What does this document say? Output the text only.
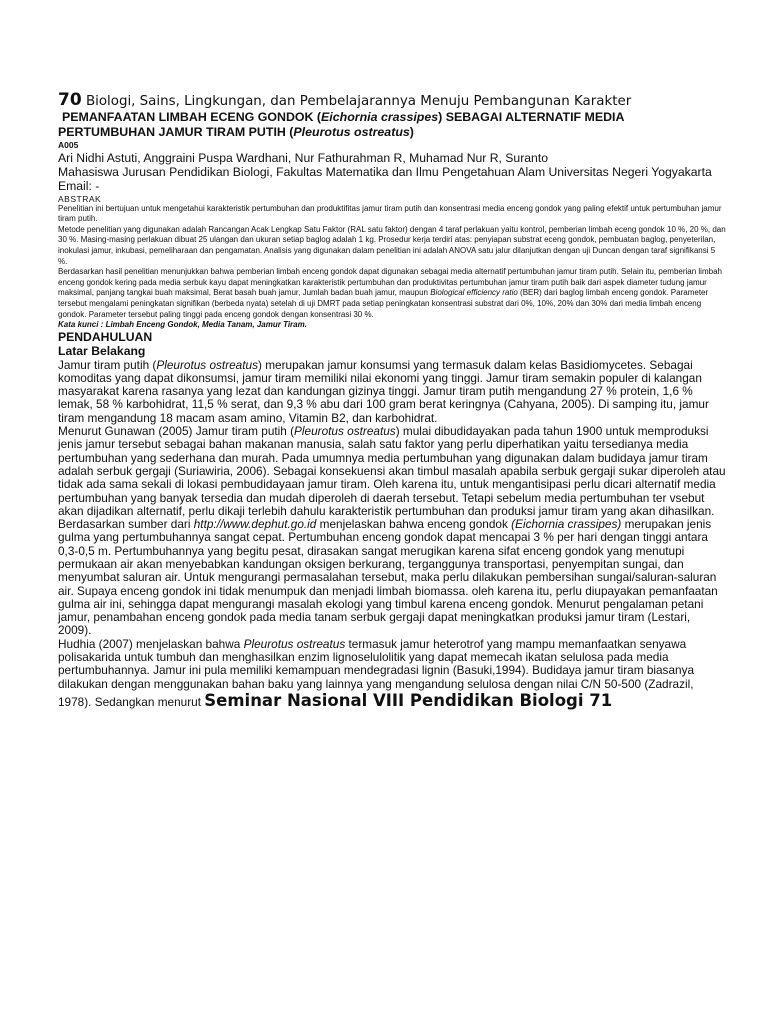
70 Biologi, Sains, Lingkungan, dan Pembelajarannya Menuju Pembangunan Karakter

PEMANFAATAN LIMBAH ECENG GONDOK (Eichornia crassipes) SEBAGAI ALTERNATIF MEDIA

PERTUMBUHAN JAMUR TIRAM PUTIH (Pleurotus ostreatus)

A005

Ari Nidhi Astuti, Anggraini Puspa Wardhani, Nur Fathurahman R, Muhamad Nur R, Suranto

Mahasiswa Jurusan Pendidikan Biologi, Fakultas Matematika dan Ilmu Pengetahuan Alam Universitas Negeri Yogyakarta

Email: -

ABSTRAK

Penelitian ini bertujuan untuk mengetahui karakteristik pertumbuhan dan produktifitas jamur tiram putih dan konsentrasi media enceng gondok yang paling efektif untuk pertumbuhan jamur tiram putih.

Metode penelitian yang digunakan adalah Rancangan Acak Lengkap Satu Faktor (RAL satu faktor) dengan 4 taraf perlakuan yaitu kontrol, pemberian limbah eceng gondok 10 %, 20 %, dan 30 %. Masing-masing perlakuan dibuat 25 ulangan dan ukuran setiap baglog adalah 1 kg. Prosedur kerja terdiri atas: penyiapan substrat eceng gondok, pembuatan baglog, penyeterilan, inokulasi jamur, inkubasi, pemeliharaan dan pengamatan. Analisis yang digunakan dalam penelitian ini adalah ANOVA satu jalur dilanjutkan dengan uji Duncan dengan taraf signifikansi 5 %.

Berdasarkan hasil penelitian menunjukkan bahwa pemberian limbah enceng gondok dapat digunakan sebagai media alternatif pertumbuhan jamur tiram putih. Selain itu, pemberian limbah enceng gondok kering pada media serbuk kayu dapat meningkatkan karakteristik pertumbuhan dan produktivitas pertumbuhan jamur tiram putih baik dari aspek diameter tudung jamur maksimal, panjang tangkai buah maksimal, Berat basah buah jamur, Jumlah badan buah jamur, maupun Biological efficiency ratio (BER) dari baglog limbah enceng gondok. Parameter tersebut mengalami peningkatan signifikan (berbeda nyata) setelah di uji DMRT pada setiap peningkatan konsentrasi substrat dari 0%, 10%, 20% dan 30% dari media limbah enceng gondok. Parameter tersebut paling tinggi pada enceng gondok dengan konsentrasi 30 %.

Kata kunci : Limbah Enceng Gondok, Media Tanam, Jamur Tiram.

PENDAHULUAN

Latar Belakang

Jamur tiram putih (Pleurotus ostreatus) merupakan jamur konsumsi yang termasuk dalam kelas Basidiomycetes. Sebagai komoditas yang dapat dikonsumsi, jamur tiram memiliki nilai ekonomi yang tinggi. Jamur tiram semakin populer di kalangan masyarakat karena rasanya yang lezat dan kandungan gizinya tinggi. Jamur tiram putih mengandung 27 % protein, 1,6 % lemak, 58 % karbohidrat, 11,5 % serat, dan 9,3 % abu dari 100 gram berat keringnya (Cahyana, 2005). Di samping itu, jamur tiram mengandung 18 macam asam amino, Vitamin B2, dan karbohidrat.

Menurut Gunawan (2005) Jamur tiram putih (Pleurotus ostreatus) mulai dibudidayakan pada tahun 1900 untuk memproduksi jenis jamur tersebut sebagai bahan makanan manusia, salah satu faktor yang perlu diperhatikan yaitu tersedianya media pertumbuhan yang sederhana dan murah. Pada umumnya media pertumbuhan yang digunakan dalam budidaya jamur tiram adalah serbuk gergaji (Suriawiria, 2006). Sebagai konsekuensi akan timbul masalah apabila serbuk gergaji sukar diperoleh atau tidak ada sama sekali di lokasi pembudidayaan jamur tiram. Oleh karena itu, untuk mengantisipasi perlu dicari alternatif media pertumbuhan yang banyak tersedia dan mudah diperoleh di daerah tersebut. Tetapi sebelum media pertumbuhan ter vsebut akan dijadikan alternatif, perlu dikaji terlebih dahulu karakteristik pertumbuhan dan produksi jamur tiram yang akan dihasilkan.

Berdasarkan sumber dari http://www.dephut.go.id menjelaskan bahwa enceng gondok (Eichornia crassipes) merupakan jenis gulma yang pertumbuhannya sangat cepat. Pertumbuhan enceng gondok dapat mencapai 3 % per hari dengan tinggi antara 0,3-0,5 m. Pertumbuhannya yang begitu pesat, dirasakan sangat merugikan karena sifat enceng gondok yang menutupi permukaan air akan menyebabkan kandungan oksigen berkurang, terganggunya transportasi, penyempitan sungai, dan menyumbat saluran air. Untuk mengurangi permasalahan tersebut, maka perlu dilakukan pembersihan sungai/saluran-saluran air. Supaya enceng gondok ini tidak menumpuk dan menjadi limbah biomassa. oleh karena itu, perlu diupayakan pemanfaatan gulma air ini, sehingga dapat mengurangi masalah ekologi yang timbul karena enceng gondok. Menurut pengalaman petani jamur, penambahan enceng gondok pada media tanam serbuk gergaji dapat meningkatkan produksi jamur tiram (Lestari, 2009).

Hudhia (2007) menjelaskan bahwa Pleurotus ostreatus termasuk jamur heterotrof yang mampu memanfaatkan senyawa polisakarida untuk tumbuh dan menghasilkan enzim lignoselulolitik yang dapat memecah ikatan selulosa pada media pertumbuhannya. Jamur ini pula memiliki kemampuan mendegradasi lignin (Basuki,1994). Budidaya jamur tiram biasanya dilakukan dengan menggunakan bahan baku yang lainnya yang mengandung selulosa dengan nilai C/N 50-500 (Zadrazil, 1978). Sedangkan menurut Seminar Nasional VIII Pendidikan Biologi 71
